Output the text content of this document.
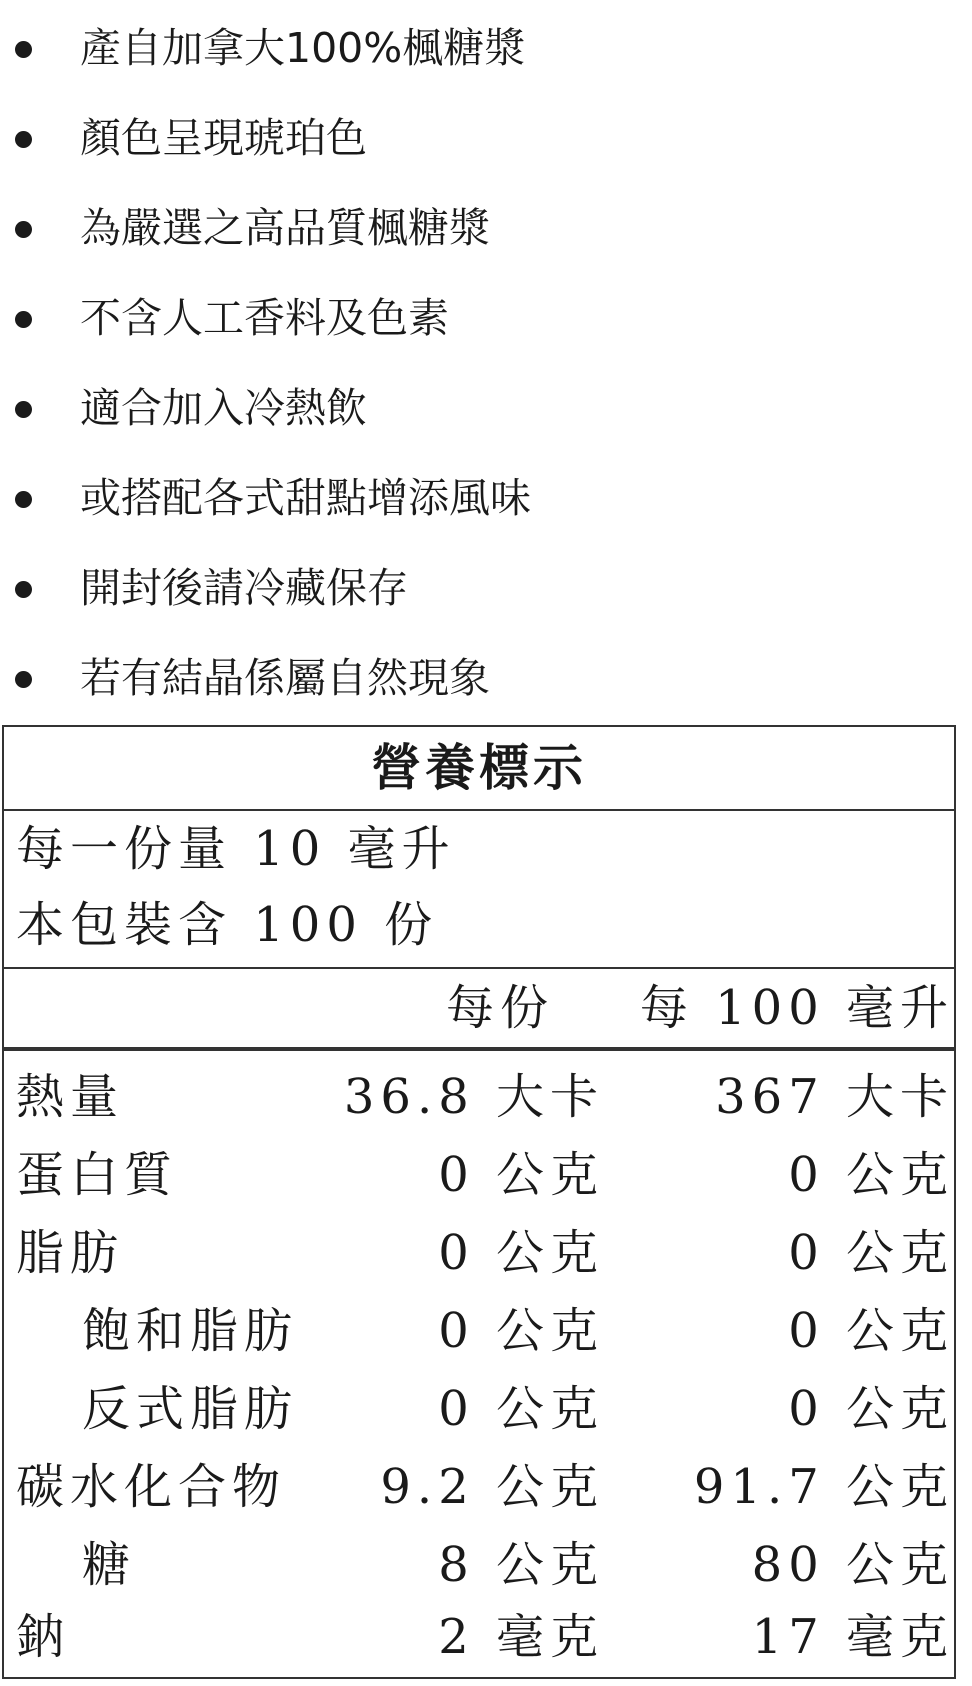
產自加拿大100%楓糖漿
顏色呈現琥珀色
為嚴選之高品質楓糖漿
不含人工香料及色素
適合加入冷熱飲
或搭配各式甜點增添風味
開封後請冷藏保存
若有結晶係屬自然現象
營養標示
每一份量 10 毫升
本包裝含 100 份
每份	每 100 毫升
熱量	36.8 大卡	367 大卡
蛋白質	0 公克	0 公克
脂肪	0 公克	0 公克
飽和脂肪	0 公克	0 公克
反式脂肪	0 公克	0 公克
碳水化合物	9.2 公克	91.7 公克
糖	8 公克	80 公克
鈉	2 毫克	17 毫克
